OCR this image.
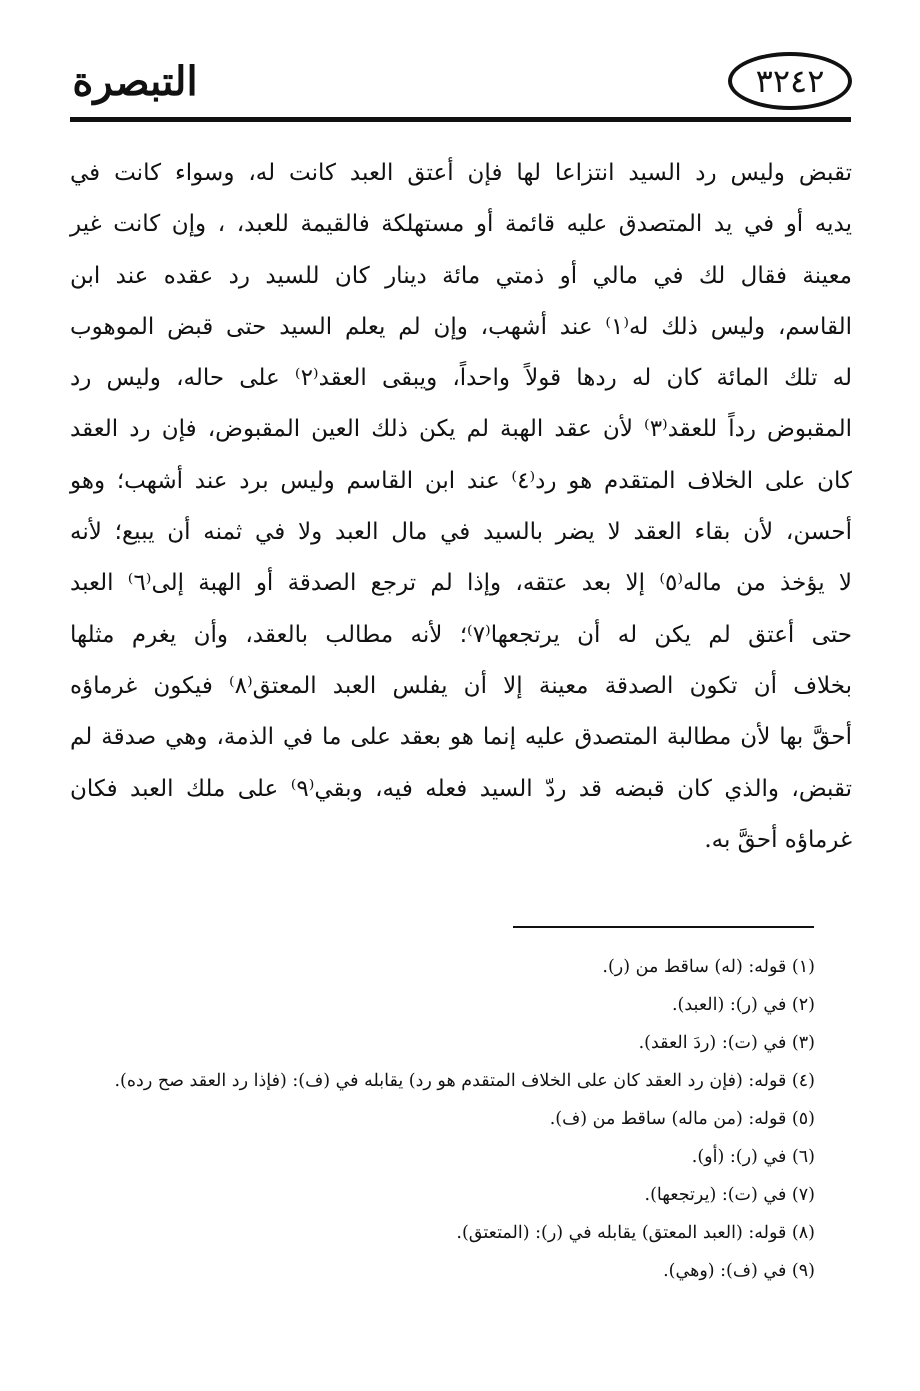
التبصرة	٣٢٤٢
تقبض وليس رد السيد انتزاعا لها فإن أعتق العبد كانت له، وسواء كانت في
يديه أو في يد المتصدق عليه قائمة أو مستهلكة فالقيمة للعبد، ، وإن كانت غير
معينة فقال لك في مالي أو ذمتي مائة دينار كان للسيد رد عقده عند ابن
القاسم، وليس ذلك له⁽١⁾ عند أشهب، وإن لم يعلم السيد حتى قبض الموهوب
له تلك المائة كان له ردها قولاً واحداً، ويبقى العقد⁽٢⁾ على حاله، وليس رد
المقبوض رداً للعقد⁽٣⁾ لأن عقد الهبة لم يكن ذلك العين المقبوض، فإن رد العقد
كان على الخلاف المتقدم هو رد⁽٤⁾ عند ابن القاسم وليس برد عند أشهب؛ وهو
أحسن، لأن بقاء العقد لا يضر بالسيد في مال العبد ولا في ثمنه أن يبيع؛ لأنه
لا يؤخذ من ماله⁽٥⁾ إلا بعد عتقه، وإذا لم ترجع الصدقة أو الهبة إلى⁽٦⁾ العبد
حتى أعتق لم يكن له أن يرتجعها⁽٧⁾؛ لأنه مطالب بالعقد، وأن يغرم مثلها
بخلاف أن تكون الصدقة معينة إلا أن يفلس العبد المعتق⁽٨⁾ فيكون غرماؤه
أحقَّ بها لأن مطالبة المتصدق عليه إنما هو بعقد على ما في الذمة، وهي صدقة لم
تقبض، والذي كان قبضه قد ردّ السيد فعله فيه، وبقي⁽٩⁾ على ملك العبد فكان
غرماؤه أحقَّ به.
(١) قوله: (له) ساقط من (ر).
(٢) في (ر): (العبد).
(٣) في (ت): (ردَ العقد).
(٤) قوله: (فإن رد العقد كان على الخلاف المتقدم هو رد) يقابله في (ف): (فإذا رد العقد صح رده).
(٥) قوله: (من ماله) ساقط من (ف).
(٦) في (ر): (أو).
(٧) في (ت): (يرتجعها).
(٨) قوله: (العبد المعتق) يقابله في (ر): (المتعتق).
(٩) في (ف): (وهي).
